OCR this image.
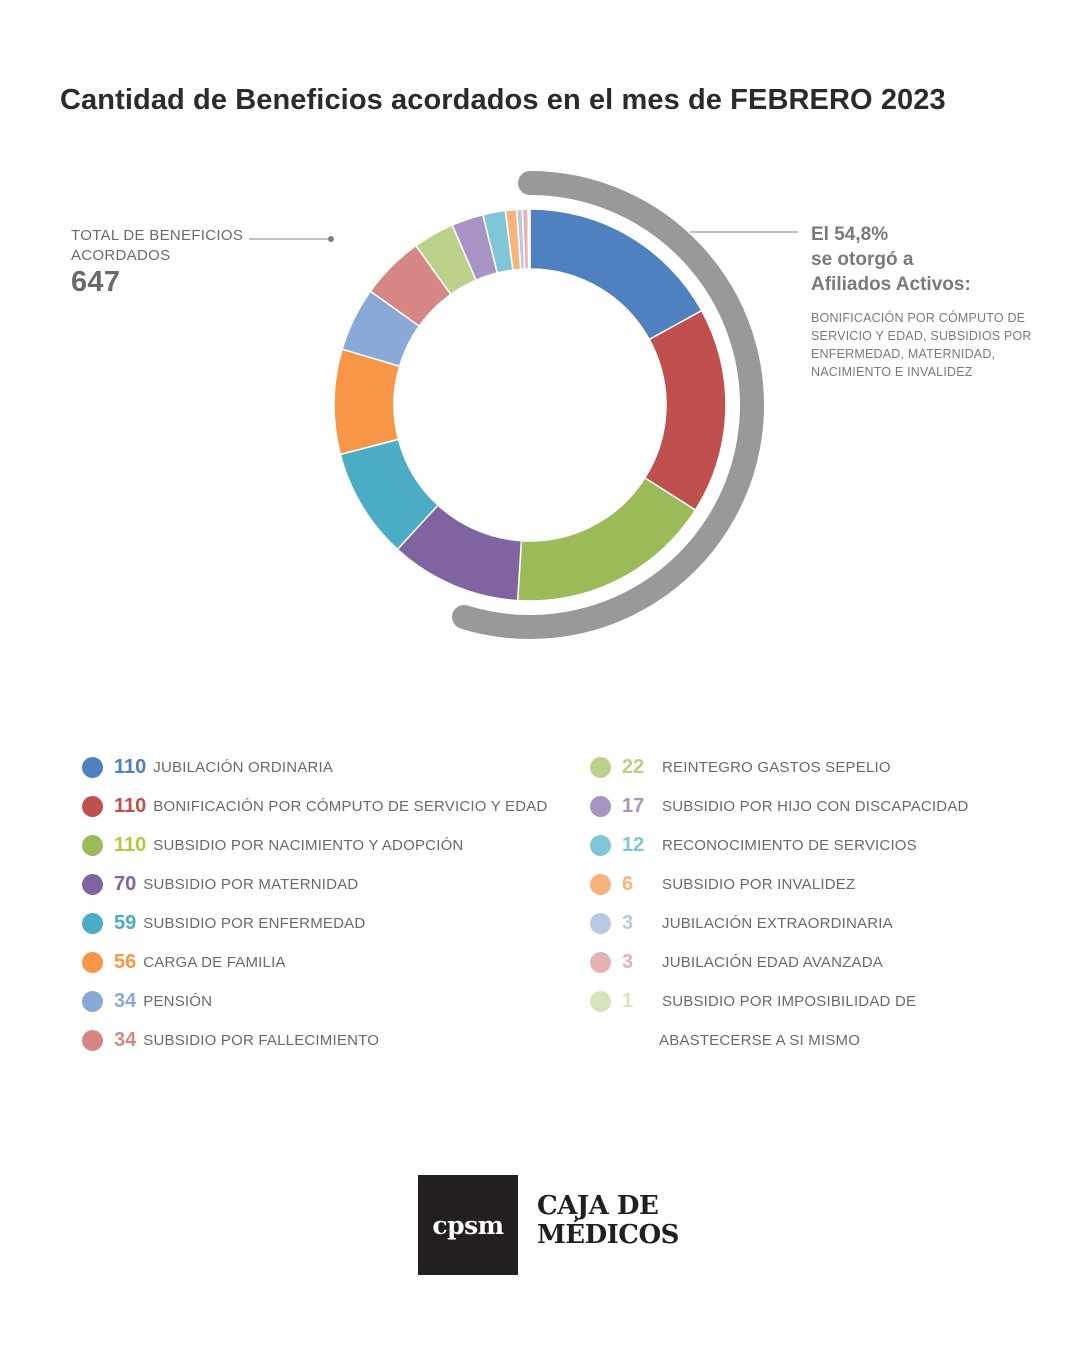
Cantidad de Beneficios acordados en el mes de FEBRERO 2023
TOTAL DE BENEFICIOS ACORDADOS
647
El 54,8%
se otorgó a
Afiliados Activos:
BONIFICACIÓN POR CÓMPUTO DE SERVICIO Y EDAD, SUBSIDIOS POR ENFERMEDAD, MATERNIDAD, NACIMIENTO E INVALIDEZ
110 JUBILACIÓN ORDINARIA
110 BONIFICACIÓN POR CÓMPUTO DE SERVICIO Y EDAD
110 SUBSIDIO POR NACIMIENTO Y ADOPCIÓN
70 SUBSIDIO POR MATERNIDAD
59 SUBSIDIO POR ENFERMEDAD
56 CARGA DE FAMILIA
34 PENSIÓN
34 SUBSIDIO POR FALLECIMIENTO
22	REINTEGRO GASTOS SEPELIO
17	SUBSIDIO POR HIJO CON DISCAPACIDAD
12	RECONOCIMIENTO DE SERVICIOS
6	SUBSIDIO POR INVALIDEZ
3	JUBILACIÓN EXTRAORDINARIA
3	JUBILACIÓN EDAD AVANZADA
1	SUBSIDIO POR IMPOSIBILIDAD DE
ABASTECERSE A SI MISMO
cpsm
CAJA DE
MÉDICOS
